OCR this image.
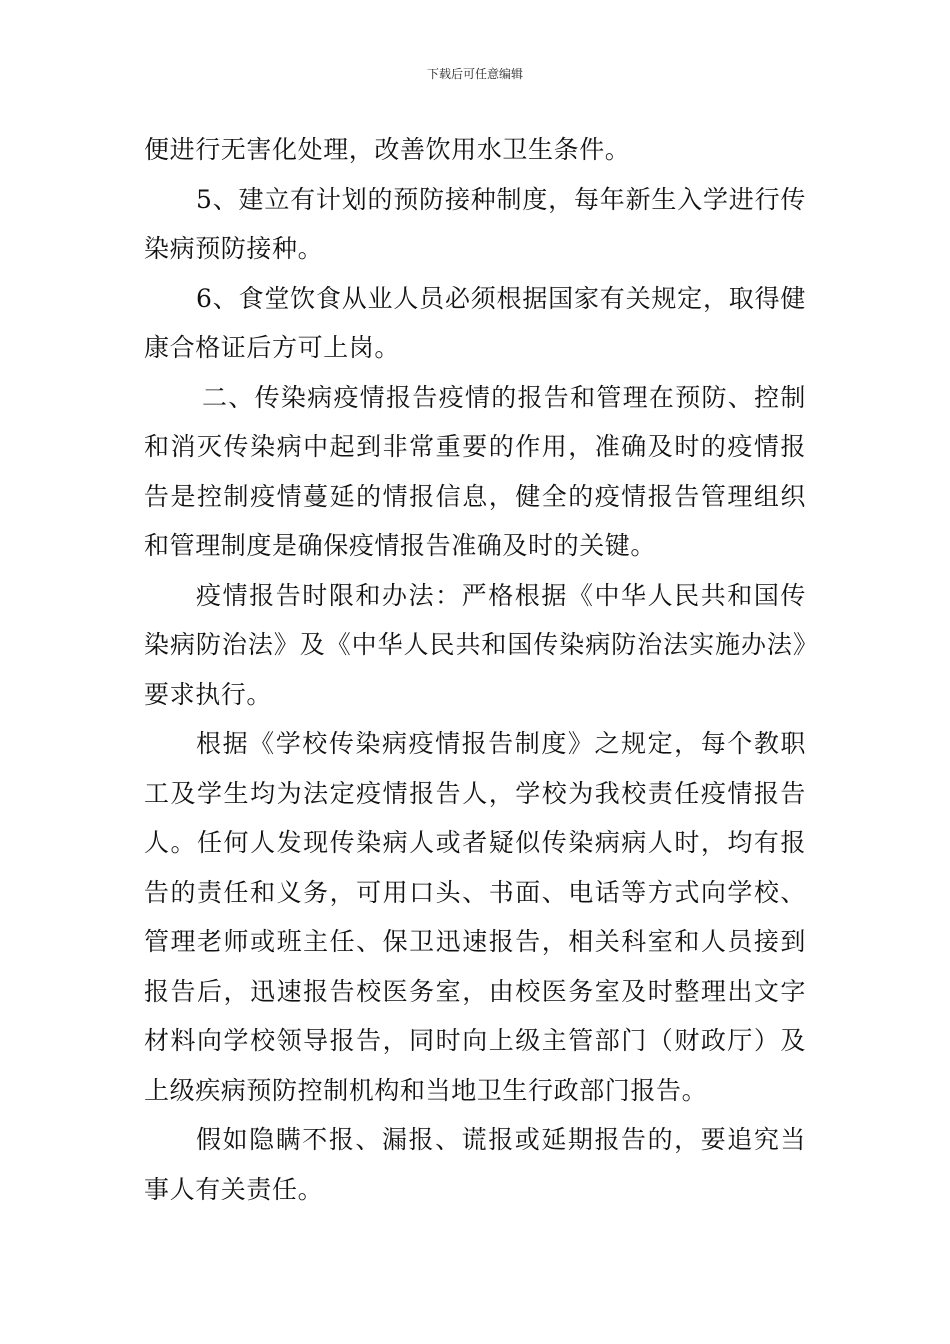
下载后可任意编辑

便进行无害化处理，改善饮用水卫生条件。

5、建立有计划的预防接种制度，每年新生入学进行传染病预防接种。

6、食堂饮食从业人员必须根据国家有关规定，取得健康合格证后方可上岗。

二、传染病疫情报告疫情的报告和管理在预防、控制和消灭传染病中起到非常重要的作用，准确及时的疫情报告是控制疫情蔓延的情报信息，健全的疫情报告管理组织和管理制度是确保疫情报告准确及时的关键。

疫情报告时限和办法：严格根据《中华人民共和国传染病防治法》及《中华人民共和国传染病防治法实施办法》要求执行。

根据《学校传染病疫情报告制度》之规定，每个教职工及学生均为法定疫情报告人，学校为我校责任疫情报告人。任何人发现传染病人或者疑似传染病病人时，均有报告的责任和义务，可用口头、书面、电话等方式向学校、管理老师或班主任、保卫迅速报告，相关科室和人员接到报告后，迅速报告校医务室，由校医务室及时整理出文字材料向学校领导报告，同时向上级主管部门（财政厅）及上级疾病预防控制机构和当地卫生行政部门报告。

假如隐瞒不报、漏报、谎报或延期报告的，要追究当事人有关责任。
